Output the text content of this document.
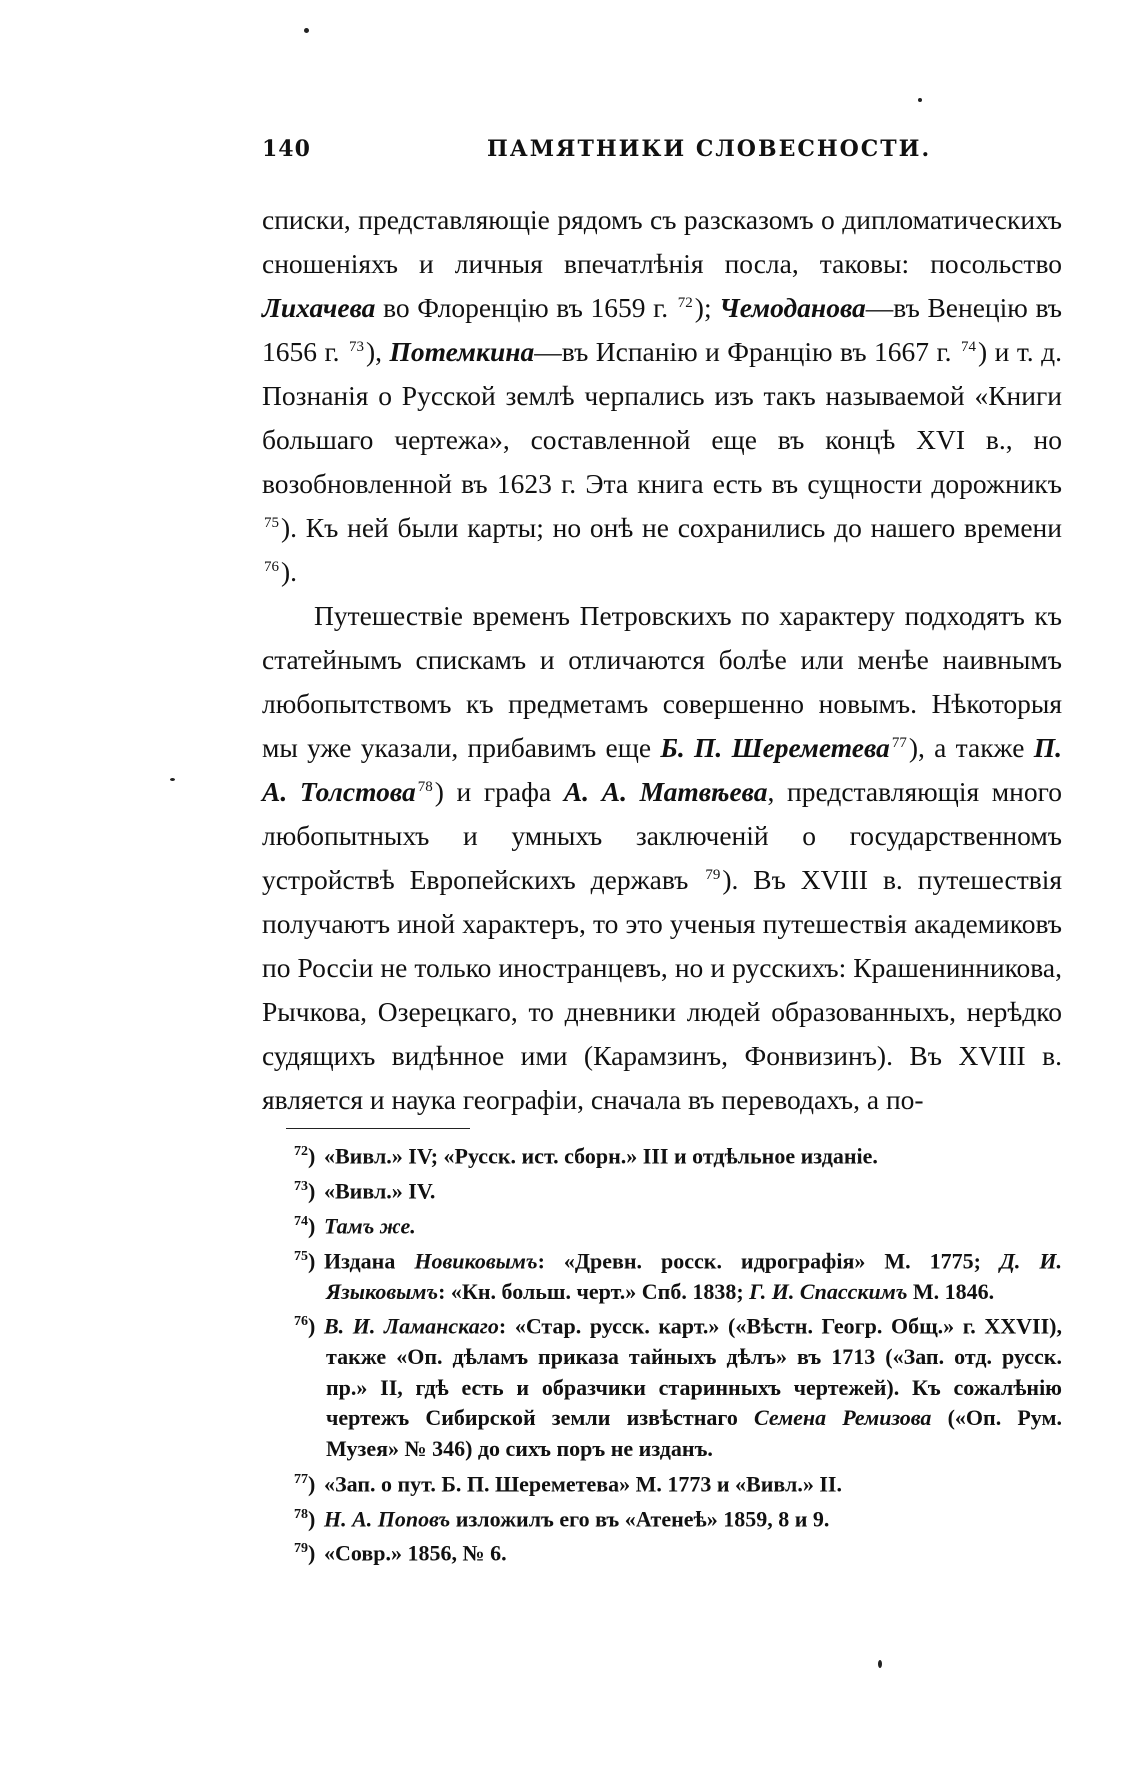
140	ПАМЯТНИКИ СЛОВЕСНОСТИ.

списки, представляющіе рядомъ съ разсказомъ о дипломатическихъ сношеніяхъ и личныя впечатлѣнія посла, таковы: посольство Лихачева во Флоренцію въ 1659 г. $^{72}$); Чемоданова—въ Венецію въ 1656 г. $^{73}$), Потемкина—въ Испанію и Францію въ 1667 г. $^{74}$) и т. д. Познанія о Русской землѣ черпались изъ такъ называемой «Книги большаго чертежа», составленной еще въ концѣ XVI в., но возобновленной въ 1623 г. Эта книга есть въ сущности дорожникъ $^{75}$). Къ ней были карты; но онѣ не сохранились до нашего времени $^{76}$).

Путешествіе временъ Петровскихъ по характеру подходятъ къ статейнымъ спискамъ и отличаются болѣе или менѣе наивнымъ любопытствомъ къ предметамъ совершенно новымъ. Нѣкоторыя мы уже указали, прибавимъ еще Б. П. Шереметева $^{77}$), а также П. А. Толстова $^{78}$) и графа А. А. Матвѣева, представляющія много любопытныхъ и умныхъ заключеній о государственномъ устройствѣ Европейскихъ державъ $^{79}$). Въ XVIII в. путешествія получаютъ иной характеръ, то это ученыя путешествія академиковъ по Россіи не только иностранцевъ, но и русскихъ: Крашенинникова, Рычкова, Озерецкаго, то дневники людей образованныхъ, нерѣдко судящихъ видѣнное ими (Карамзинъ, Фонвизинъ). Въ XVIII в. является и наука географіи, сначала въ переводахъ, а по-

$^{72}$) «Вивл.» IV; «Русск. ист. сборн.» III и отдѣльное изданіе.
$^{73}$) «Вивл.» IV.
$^{74}$) Тамъ же.
$^{75}$) Издана Новиковымъ: «Древн. росск. идрографія» М. 1775; Д. И. Языковымъ: «Кн. больш. черт.» Спб. 1838; Г. И. Спасскимъ М. 1846.
$^{76}$) В. И. Ламанскаго: «Стар. русск. карт.» («Вѣстн. Геогр. Общ.» г. XXVII), также «Оп. дѣламъ приказа тайныхъ дѣлъ» въ 1713 («Зап. отд. русск. пр.» II, гдѣ есть и образчики старинныхъ чертежей). Къ сожалѣнію чертежъ Сибирской земли извѣстнаго Семена Ремизова («Оп. Рум. Музея» № 346) до сихъ поръ не изданъ.
$^{77}$) «Зап. о пут. Б. П. Шереметева» М. 1773 и «Вивл.» II.
$^{78}$) Н. А. Поповъ изложилъ его въ «Атенеѣ» 1859, 8 и 9.
$^{79}$) «Совр.» 1856, № 6.
